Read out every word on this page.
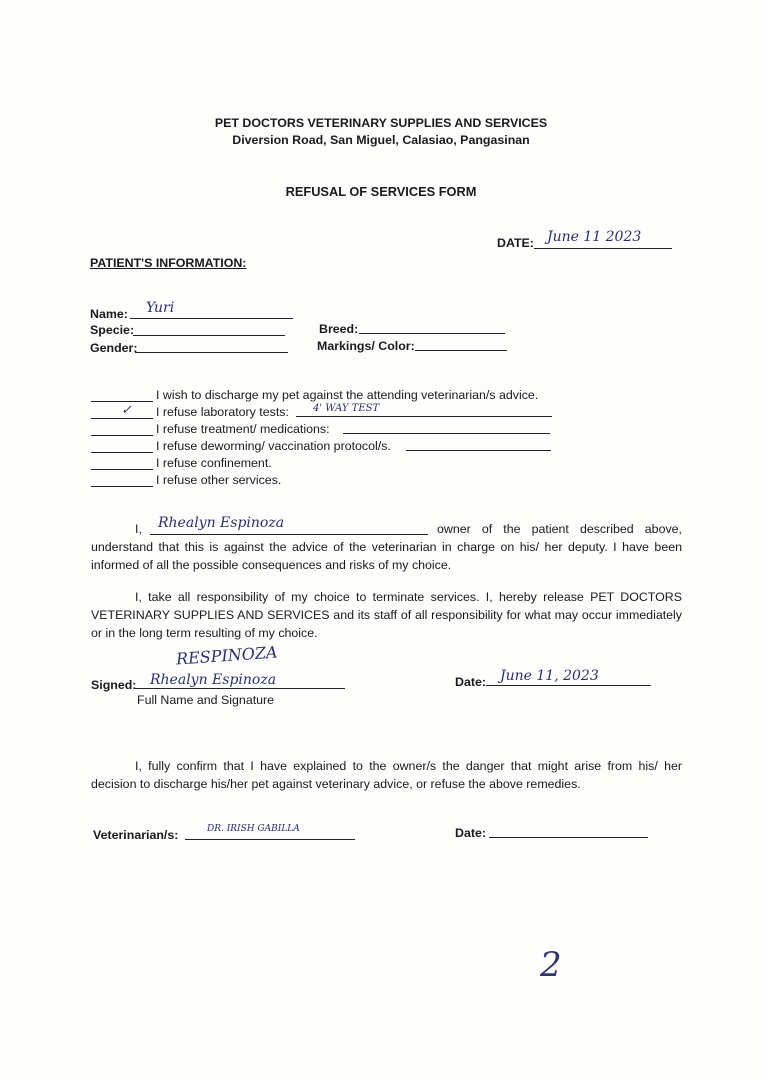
PET DOCTORS VETERINARY SUPPLIES AND SERVICES
Diversion Road, San Miguel, Calasiao, Pangasinan
REFUSAL OF SERVICES FORM
DATE: June 11 2023
PATIENT'S INFORMATION:
Name: Yuri
Specie:
Gender:
Breed:
Markings/ Color:
I wish to discharge my pet against the attending veterinarian/s advice.
✓ I refuse laboratory tests: 4' WAY TEST
I refuse treatment/ medications:
I refuse deworming/ vaccination protocol/s.
I refuse confinement.
I refuse other services.
I, Rhealyn Espinoza	owner of the patient described above,
understand that this is against the advice of the veterinarian in charge on his/ her deputy. I have been informed of all the possible consequences and risks of my choice.
I, take all responsibility of my choice to terminate services. I, hereby release PET DOCTORS VETERINARY SUPPLIES AND SERVICES and its staff of all responsibility for what may occur immediately or in the long term resulting of my choice.
RESPINOZA
Signed: Rhealyn Espinoza
Full Name and Signature
Date: June 11, 2023
I, fully confirm that I have explained to the owner/s the danger that might arise from his/ her decision to discharge his/her pet against veterinary advice, or refuse the above remedies.
Veterinarian/s:	DR. IRISH GABILLA	Date:
2
